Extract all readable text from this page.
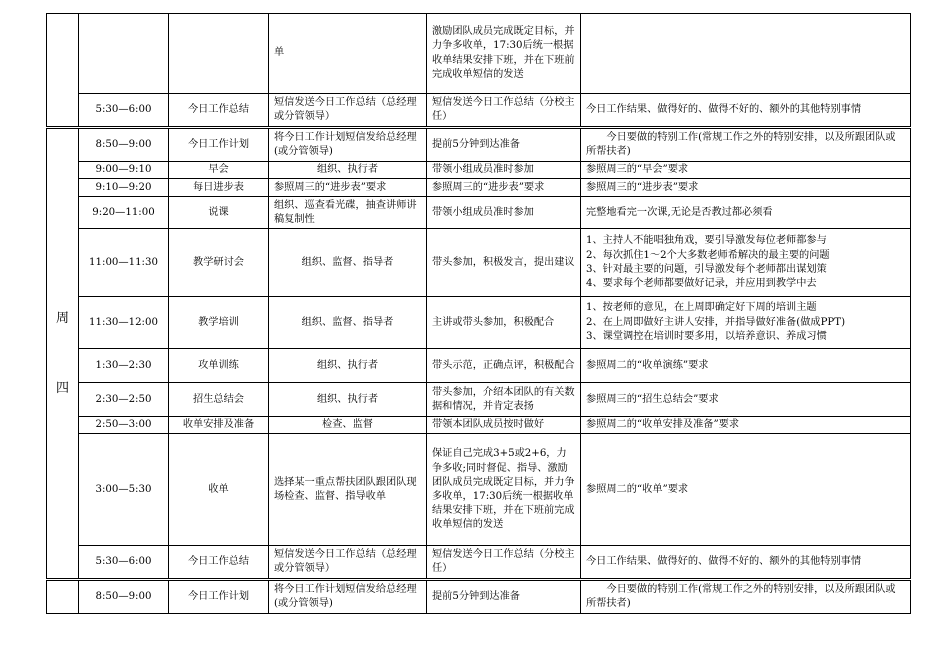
			单	激励团队成员完成既定目标，并力争多收单，17:30后统一根据收单结果安排下班，并在下班前完成收单短信的发送	
	5:30—6:00	今日工作总结	短信发送今日工作总结（总经理或分管领导）	短信发送今日工作总结（分校主任）	今日工作结果、做得好的、做得不好的、额外的其他特别事情

周
四	8:50—9:00	今日工作计划	将今日工作计划短信发给总经理(或分管领导)	提前5分钟到达准备	今日要做的特别工作(常规工作之外的特别安排，以及所跟团队或所帮扶者)
	9:00—9:10	早会	组织、执行者	带领小组成员准时参加	参照周三的“早会”要求
	9:10—9:20	每日进步表	参照周三的“进步表”要求	参照周三的“进步表”要求	参照周三的“进步表”要求
	9:20—11:00	说课	组织、巡查看光碟，抽查讲师讲稿复制性	带领小组成员准时参加	完整地看完一次课,无论是否教过都必须看
	11:00—11:30	教学研讨会	组织、监督、指导者	带头参加，积极发言，提出建议	1、主持人不能唱独角戏，要引导激发每位老师都参与
2、每次抓住1～2个大多数老师希解决的最主要的问题
3、针对最主要的问题，引导激发每个老师都出谋划策
4、要求每个老师都要做好记录，并应用到教学中去

	11:30—12:00	教学培训	组织、监督、指导者	主讲或带头参加，积极配合	1、按老师的意见，在上周即确定好下周的培训主题
2、在上周即做好主讲人安排，并指导做好准备(做成PPT)
3、课堂调控在培训时要多用，以培养意识、养成习惯

	1:30—2:30	攻单训练	组织、执行者	带头示范，正确点评，积极配合	参照周二的“收单演练”要求
	2:30—2:50	招生总结会	组织、执行者	带头参加，介绍本团队的有关数据和情况，并肯定表扬	参照周三的“招生总结会”要求
	2:50—3:00	收单安排及准备	检查、监督	带领本团队成员按时做好	参照周二的“收单安排及准备”要求
	3:00—5:30	收单	选择某一重点帮扶团队跟团队现场检查、监督、指导收单	保证自己完成3+5或2+6，力争多收;同时督促、指导、激励团队成员完成既定目标，并力争多收单，17:30后统一根据收单结果安排下班，并在下班前完成收单短信的发送	参照周二的“收单”要求
	5:30—6:00	今日工作总结	短信发送今日工作总结（总经理或分管领导）	短信发送今日工作总结（分校主任）	今日工作结果、做得好的、做得不好的、额外的其他特别事情
	8:50—9:00	今日工作计划	将今日工作计划短信发给总经理(或分管领导)	提前5分钟到达准备	今日要做的特别工作(常规工作之外的特别安排，以及所跟团队或所帮扶者)
